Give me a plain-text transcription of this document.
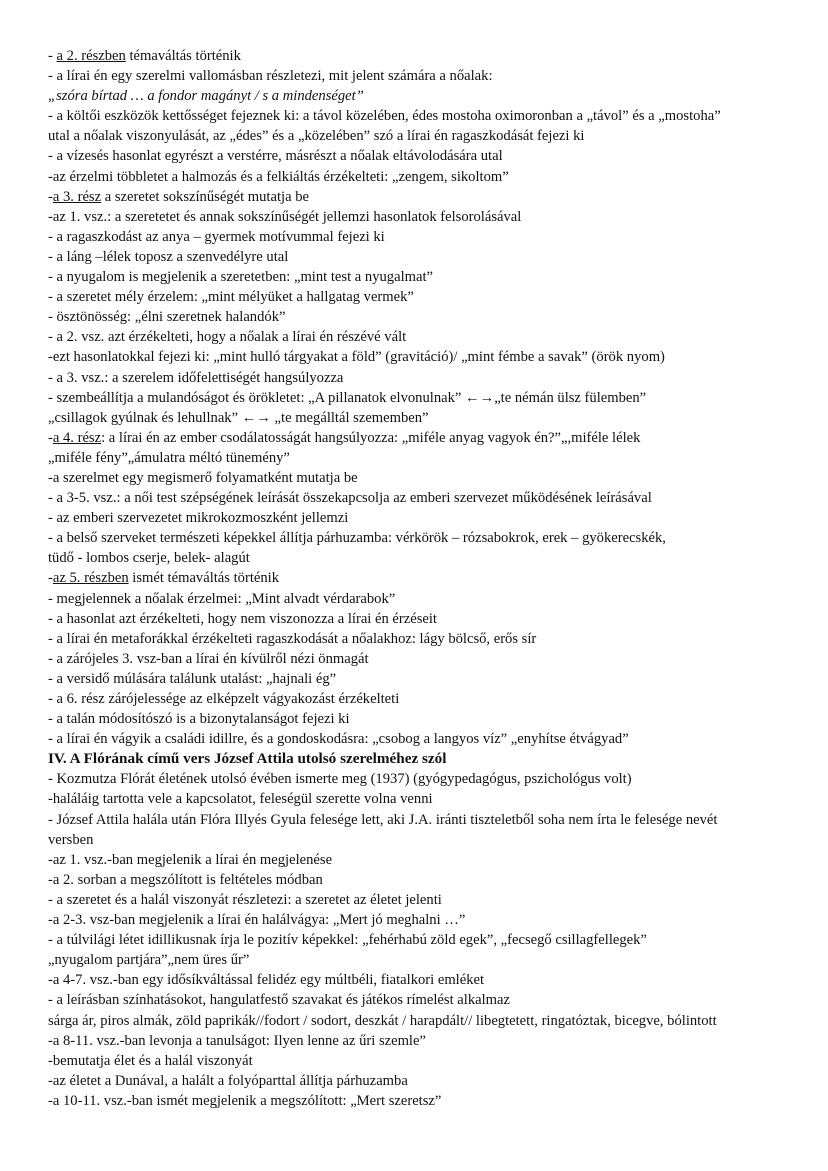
- a 2. részben témaváltás történik
- a lírai én egy szerelmi vallomásban részletezi, mit jelent számára a nőalak:
„szóra bírtad … a fondor magányt / s a mindenséget”
- a költői eszközök kettősséget fejeznek ki: a távol közelében, édes mostoha oximoronban a „távol” és a „mostoha”
utal a nőalak viszonyulását, az „édes” és a „közelében” szó a lírai én ragaszkodását fejezi ki
- a vízesés hasonlat egyrészt a verstérre, másrészt a nőalak eltávolodására utal
-az érzelmi többletet a halmozás és a felkiáltás érzékelteti: „zengem, sikoltom”
-a 3. rész a szeretet sokszínűségét mutatja be
-az 1. vsz.: a szeretetet és annak sokszínűségét jellemzi hasonlatok felsorolásával
- a ragaszkodást az anya – gyermek motívummal fejezi ki
- a láng –lélek toposz a szenvedélyre utal
- a nyugalom is megjelenik a szeretetben: „mint test a nyugalmat”
- a szeretet mély érzelem: „mint mélyüket a hallgatag vermek”
- ösztönösség: „élni szeretnek halandók”
- a 2. vsz. azt érzékelteti, hogy a nőalak a lírai én részévé vált
-ezt hasonlatokkal fejezi ki: „mint hulló tárgyakat a föld” (gravitáció)/ „mint fémbe a savak” (örök nyom)
- a 3. vsz.: a szerelem időfelettiségét hangsúlyozza
- szembeállítja a mulandóságot és örökletet: „A pillanatok elvonulnak” ←→„te némán ülsz fülemben”
„csillagok gyúlnak és lehullnak” ←→ „te megálltál szememben”
-a 4. rész: a lírai én az ember csodálatosságát hangsúlyozza: „miféle anyag vagyok én?”„,miféle lélek
„miféle fény”„ámulatra méltó tünemény”
-a szerelmet egy megismerő folyamatként mutatja be
- a 3-5. vsz.: a női test szépségének leírását összekapcsolja az emberi szervezet működésének leírásával
- az emberi szervezetet mikrokozmoszként jellemzi
- a belső szerveket természeti képekkel állítja párhuzamba: vérkörök – rózsabokrok, erek – gyökerecskék,
tüdő - lombos cserje, belek- alagút
-az 5. részben ismét témaváltás történik
- megjelennek a nőalak érzelmei: „Mint alvadt vérdarabok”
- a hasonlat azt érzékelteti, hogy nem viszonozza a lírai én érzéseit
- a lírai én metaforákkal érzékelteti ragaszkodását a nőalakhoz: lágy bölcső, erős sír
- a zárójeles 3. vsz-ban a lírai én kívülről nézi önmagát
- a versidő múlására találunk utalást: „hajnali ég”
- a 6. rész zárójelessége az elképzelt vágyakozást érzékelteti
- a talán módosítószó is a bizonytalanságot fejezi ki
- a lírai én vágyik a családi idillre, és a gondoskodásra: „csobog a langyos víz” „enyhítse étvágyad”
IV. A Flórának című vers József Attila utolsó szerelméhez szól
- Kozmutza Flórát életének utolsó évében ismerte meg (1937) (gyógypedagógus, pszichológus volt)
-haláláig tartotta vele a kapcsolatot, feleségül szerette volna venni
- József Attila halála után Flóra Illyés Gyula felesége lett, aki J.A. iránti tiszteletből soha nem írta le felesége nevét
versben
-az 1. vsz.-ban megjelenik a lírai én megjelenése
-a 2. sorban a megszólított is feltételes módban
- a szeretet és a halál viszonyát részletezi: a szeretet az életet jelenti
-a 2-3. vsz-ban megjelenik a lírai én halálvágya: „Mert jó meghalni …”
- a túlvilági létet idillikusnak írja le pozitív képekkel: „fehérhabú zöld egek”, „fecsegő csillagfellegek”
„nyugalom partjára”„nem üres űr”
-a 4-7. vsz.-ban egy idősíkváltással felidéz egy múltbéli, fiatalkori emléket
- a leírásban színhatásokot, hangulatfestő szavakat és játékos rímelést alkalmaz
sárga ár, piros almák, zöld paprikák//fodort / sodort, deszkát / harapdált// libegtetett, ringatóztak, bicegve, bólintott
-a 8-11. vsz.-ban levonja a tanulságot: Ilyen lenne az űri szemle”
-bemutatja élet és a halál viszonyát
-az életet a Dunával, a halált a folyóparttal állítja párhuzamba
-a 10-11. vsz.-ban ismét megjelenik a megszólított: „Mert szeretsz”
